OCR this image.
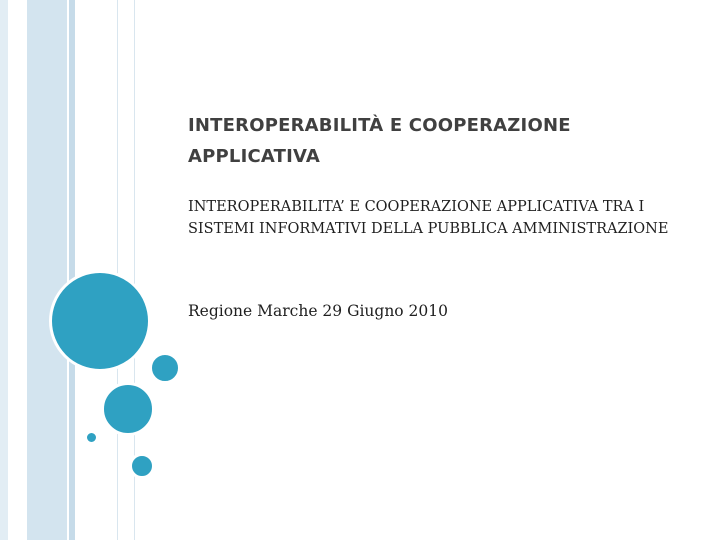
INTEROPERABILITÀ E COOPERAZIONE
APPLICATIVA

INTEROPERABILITA’ E COOPERAZIONE APPLICATIVA TRA I
SISTEMI INFORMATIVI DELLA PUBBLICA AMMINISTRAZIONE

Regione Marche 29 Giugno 2010
